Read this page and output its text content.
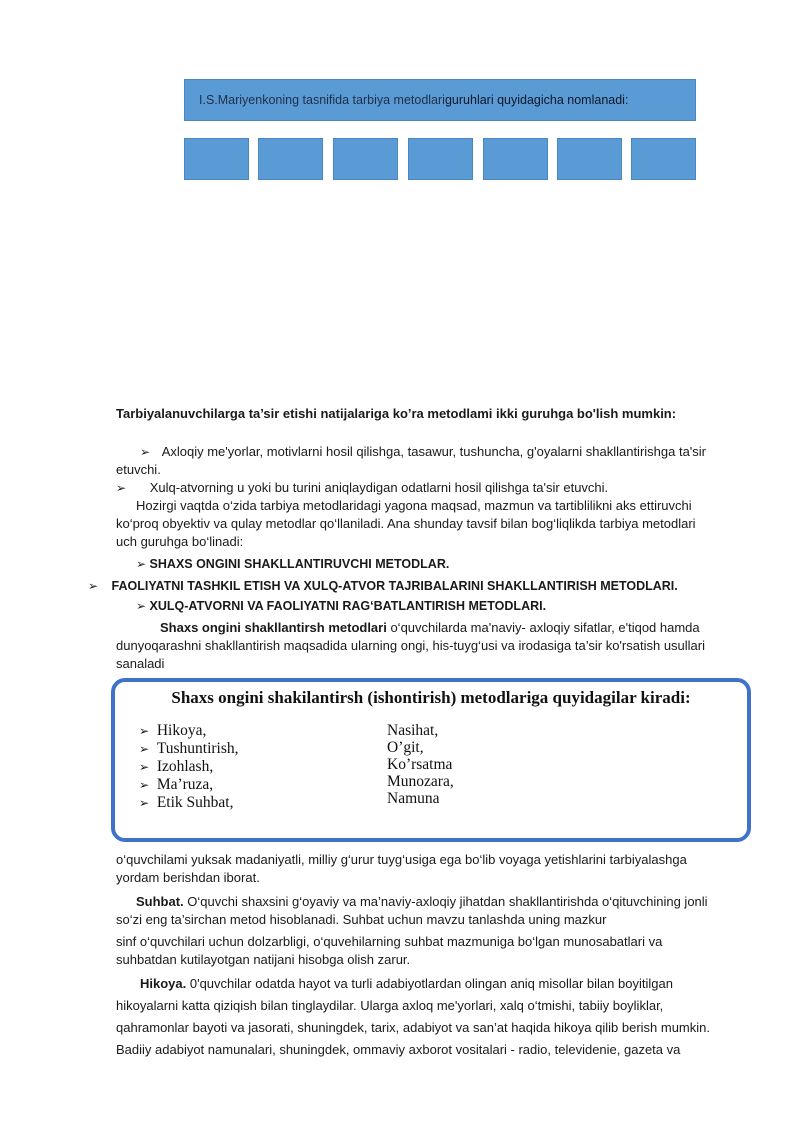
I.S.Mariyenkoning tasnifida tarbiya metodlari guruhlari quyidagicha nomlanadi:
Tarbiyalanuvchilarga ta’sir etishi natijalariga ko’ra metodlami ikki guruhga bo'lish mumkin:
➢ Axloqiy me'yorlar, motivlarni hosil qilishga, tasawur, tushuncha, g'oyalarni shakllantirishga ta'sir
etuvchi.
➢ Xulq-atvorning u yoki bu turini aniqlaydigan odatlarni hosil qilishga ta'sir etuvchi.
Hozirgi vaqtda o‘zida tarbiya metodlaridagi yagona maqsad, mazmun va tartiblilikni aks ettiruvchi
ko‘proq obyektiv va qulay metodlar qo‘llaniladi. Ana shunday tavsif bilan bog‘liqlikda tarbiya metodlari
uch guruhga bo‘linadi:
➢ SHAXS ONGINI SHAKLLANTIRUVCHI METODLAR.
➢ FAOLIYATNI TASHKIL ETISH VA XULQ-ATVOR TAJRIBALARINI SHAKLLANTIRISH METODLARI.
➢ XULQ-ATVORNI VA FAOLIYATNI RAG‘BATLANTIRISH METODLARI.
Shaxs ongini shakllantirsh metodlari o‘quvchilarda ma'naviy- axloqiy sifatlar, e'tiqod hamda
dunyoqarashni shakllantirish maqsadida ularning ongi, his-tuyg‘usi va irodasiga ta’sir ko'rsatish usullari
sanaladi
Shaxs ongini shakilantirsh (ishontirish) metodlariga quyidagilar kiradi:
➢ Hikoya,
➢ Tushuntirish,
➢ Izohlash,
➢ Ma’ruza,
➢ Etik Suhbat,
Nasihat,
O’git,
Ko’rsatma
Munozara,
Namuna
o‘quvchilami yuksak madaniyatli, milliy g‘urur tuyg‘usiga ega bo‘lib voyaga yetishlarini tarbiyalashga
yordam berishdan iborat.
Suhbat. O‘quvchi shaxsini g‘oyaviy va ma’naviy-axloqiy jihatdan shakllantirishda o‘qituvchining jonli
so‘zi eng ta’sirchan metod hisoblanadi. Suhbat uchun mavzu tanlashda uning mazkur
sinf o‘quvchilari uchun dolzarbligi, o‘quvehilarning suhbat mazmuniga bo‘lgan munosabatlari va
suhbatdan kutilayotgan natijani hisobga olish zarur.
Hikoya. 0'quvchilar odatda hayot va turli adabiyotlardan olingan aniq misollar bilan boyitilgan
hikoyalarni katta qiziqish bilan tinglaydilar. Ularga axloq me'yorlari, xalq o‘tmishi, tabiiy boyliklar,
qahramonlar bayoti va jasorati, shuningdek, tarix, adabiyot va san’at haqida hikoya qilib berish mumkin.
Badiiy adabiyot namunalari, shuningdek, ommaviy axborot vositalari - radio, televidenie, gazeta va
